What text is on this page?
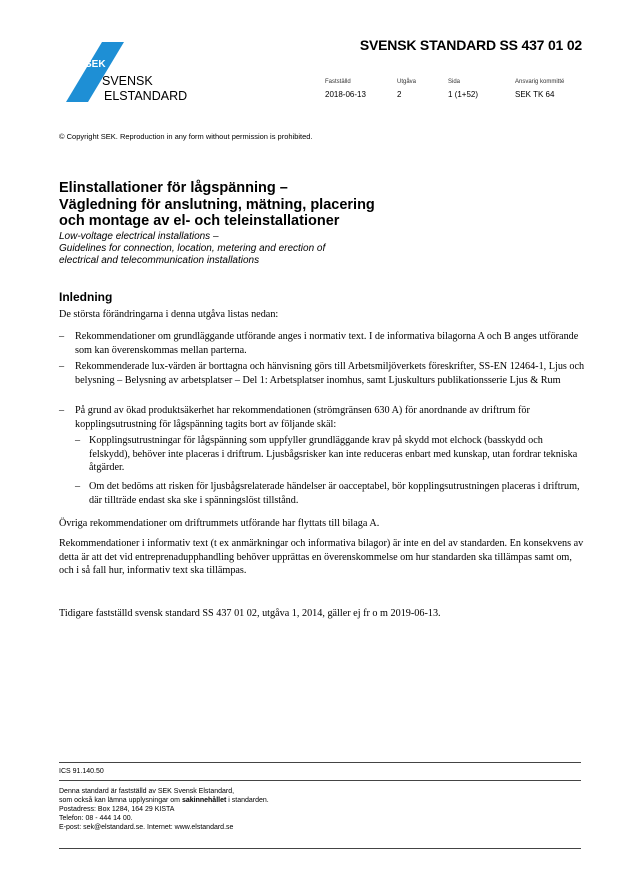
SEK
SVENSK
ELSTANDARD
SVENSK STANDARD SS 437 01 02
Fastställd
2018-06-13
Utgåva
2
Sida
1 (1+52)
Ansvarig kommitté
SEK TK 64
© Copyright SEK. Reproduction in any form without permission is prohibited.
Elinstallationer för lågspänning –
Vägledning för anslutning, mätning, placering
och montage av el- och teleinstallationer
Low-voltage electrical installations –
Guidelines for connection, location, metering and erection of
electrical and telecommunication installations
Inledning
De största förändringarna i denna utgåva listas nedan:
– Rekommendationer om grundläggande utförande anges i normativ text. I de informativa bilagorna A och B anges utförande som kan överenskommas mellan parterna.
– Rekommenderade lux-värden är borttagna och hänvisning görs till Arbetsmiljöverkets föreskrifter, SS-EN 12464-1, Ljus och belysning – Belysning av arbetsplatser – Del 1: Arbetsplatser inomhus, samt Ljuskulturs publikationsserie Ljus & Rum
– På grund av ökad produktsäkerhet har rekommendationen (strömgränsen 630 A) för anordnande av driftrum för kopplingsutrustning för lågspänning tagits bort av följande skäl:
– Kopplingsutrustningar för lågspänning som uppfyller grundläggande krav på skydd mot elchock (basskydd och felskydd), behöver inte placeras i driftrum. Ljusbågsrisker kan inte reduceras enbart med kunskap, utan fordrar tekniska åtgärder.
– Om det bedöms att risken för ljusbågsrelaterade händelser är oacceptabel, bör kopplingsutrustningen placeras i driftrum, där tillträde endast ska ske i spänningslöst tillstånd.
Övriga rekommendationer om driftrummets utförande har flyttats till bilaga A.
Rekommendationer i informativ text (t ex anmärkningar och informativa bilagor) är inte en del av standarden. En konsekvens av detta är att det vid entreprenadupphandling behöver upprättas en överenskommelse om hur standarden ska tillämpas samt om, och i så fall hur, informativ text ska tillämpas.
Tidigare fastställd svensk standard SS 437 01 02, utgåva 1, 2014, gäller ej fr o m 2019-06-13.
ICS 91.140.50
Denna standard är fastställd av SEK Svensk Elstandard,
som också kan lämna upplysningar om sakinnehållet i standarden.
Postadress: Box 1284, 164 29 KISTA
Telefon: 08 - 444 14 00.
E-post: sek@elstandard.se. Internet: www.elstandard.se
